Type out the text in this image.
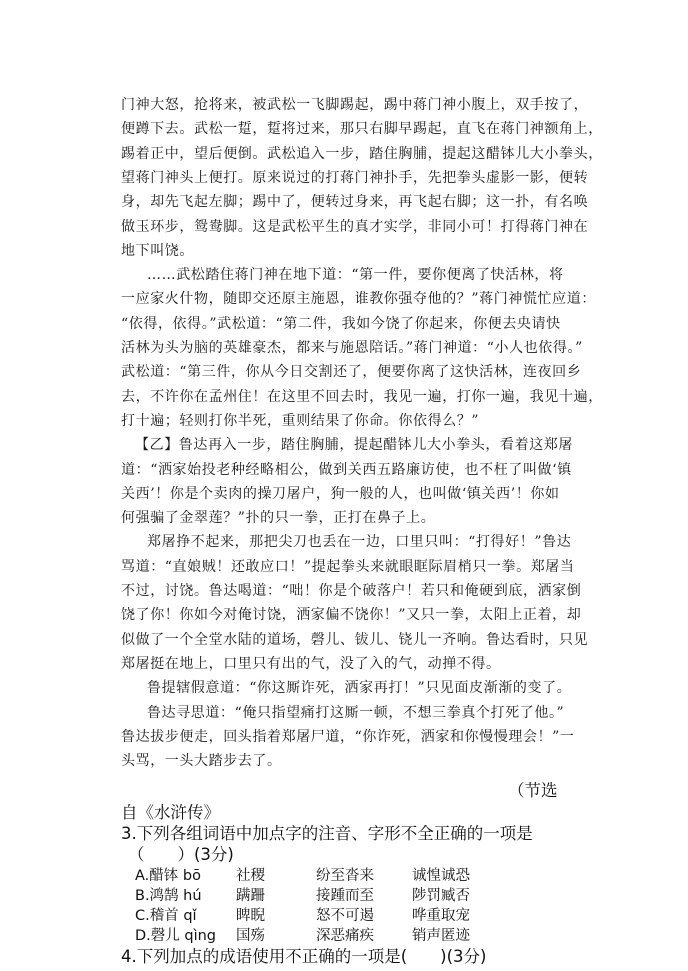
门神大怒，抢将来，被武松一飞脚踢起，踢中蒋门神小腹上，双手按了，
便蹲下去。武松一踅，踅将过来，那只右脚早踢起，直飞在蒋门神额角上，
踢着正中，望后便倒。武松追入一步，踏住胸脯，提起这醋钵儿大小拳头，
望蒋门神头上便打。原来说过的打蒋门神扑手，先把拳头虚影一影，便转
身，却先飞起左脚；踢中了，便转过身来，再飞起右脚；这一扑，有名唤
做玉环步，鸳鸯脚。这是武松平生的真才实学，非同小可！打得蒋门神在
地下叫饶。
……武松踏住蒋门神在地下道：“第一件，要你便离了快活林，将
一应家火什物，随即交还原主施恩，谁教你强夺他的？”蒋门神慌忙应道：
“依得，依得。”武松道：“第二件，我如今饶了你起来，你便去央请快
活林为头为脑的英雄豪杰，都来与施恩陪话。”蒋门神道：“小人也依得。”
武松道：“第三件，你从今日交割还了，便要你离了这快活林，连夜回乡
去，不许你在孟州住！在这里不回去时，我见一遍，打你一遍，我见十遍，
打十遍；轻则打你半死，重则结果了你命。你依得么？”
【乙】鲁达再入一步，踏住胸脯，提起醋钵儿大小拳头，看着这郑屠
道：“洒家始投老种经略相公，做到关西五路廉访使，也不枉了叫做‘镇
关西’！你是个卖肉的操刀屠户，狗一般的人，也叫做‘镇关西’！你如
何强骗了金翠莲？”扑的只一拳，正打在鼻子上。
郑屠挣不起来，那把尖刀也丢在一边，口里只叫：“打得好！”鲁达
骂道：“直娘贼！还敢应口！”提起拳头来就眼眶际眉梢只一拳。郑屠当
不过，讨饶。鲁达喝道：“咄！你是个破落户！若只和俺硬到底，洒家倒
饶了你！你如今对俺讨饶，洒家偏不饶你！”又只一拳，太阳上正着，却
似做了一个全堂水陆的道场，磬儿、钹儿、铙儿一齐响。鲁达看时，只见
郑屠挺在地上，口里只有出的气，没了入的气，动掸不得。
鲁提辖假意道：“你这厮诈死，洒家再打！”只见面皮渐渐的变了。
鲁达寻思道：“俺只指望痛打这厮一顿，不想三拳真个打死了他。”
鲁达拔步便走，回头指着郑屠尸道，“你诈死，洒家和你慢慢理会！”一
头骂，一头大踏步去了。
（节选
自《水浒传》
3.下列各组词语中加点字的注音、字形不全正确的一项是
（　　）(3分)
A.醋钵 bō 社稷	纷至沓来	诚惶诚恐
B.鸿鹄 hú 蹒跚	接踵而至	陟罚臧否
C.稽首 qǐ	睥睨	怒不可遏	哗重取宠
D.磬儿 qìng 国殇	深恶痛疾	销声匿迹
4.下列加点的成语使用不正确的一项是(　　)(3分)
